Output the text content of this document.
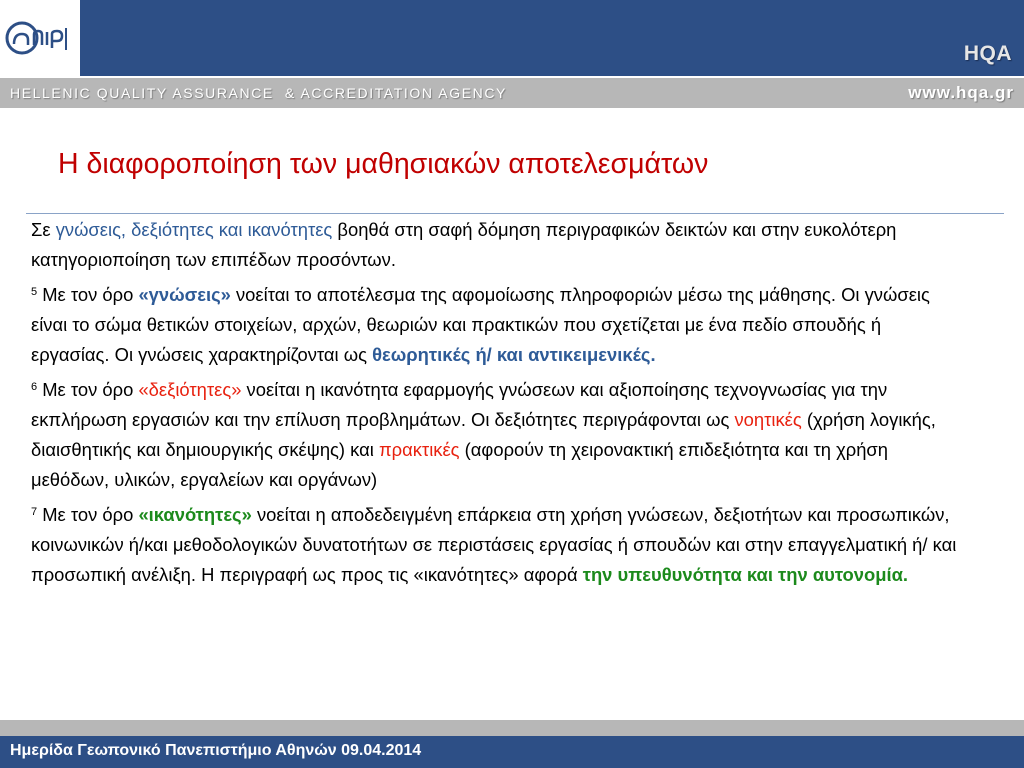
HQA
HELLENIC QUALITY ASSURANCE  & ACCREDITATION AGENCY	www.hqa.gr
Η διαφοροποίηση των μαθησιακών αποτελεσμάτων

Σε γνώσεις, δεξιότητες και ικανότητες βοηθά στη σαφή δόμηση περιγραφικών δεικτών και στην ευκολότερη κατηγοριοποίηση των επιπέδων προσόντων.

$^5$ Με τον όρο «γνώσεις» νοείται το αποτέλεσμα της αφομοίωσης πληροφοριών μέσω της μάθησης. Οι γνώσεις είναι το σώμα θετικών στοιχείων, αρχών, θεωριών και πρακτικών που σχετίζεται με ένα πεδίο σπουδής ή εργασίας. Οι γνώσεις χαρακτηρίζονται ως θεωρητικές ή/ και αντικειμενικές.

$^6$ Με τον όρο «δεξιότητες» νοείται η ικανότητα εφαρμογής γνώσεων και αξιοποίησης τεχνογνωσίας για την εκπλήρωση εργασιών και την επίλυση προβλημάτων. Οι δεξιότητες περιγράφονται ως νοητικές (χρήση λογικής, διαισθητικής και δημιουργικής σκέψης) και πρακτικές (αφορούν τη χειρονακτική επιδεξιότητα και τη χρήση μεθόδων, υλικών, εργαλείων και οργάνων)

$^7$ Με τον όρο «ικανότητες» νοείται η αποδεδειγμένη επάρκεια στη χρήση γνώσεων, δεξιοτήτων και προσωπικών, κοινωνικών ή/και μεθοδολογικών δυνατοτήτων σε περιστάσεις εργασίας ή σπουδών και στην επαγγελματική ή/ και προσωπική ανέλιξη. Η περιγραφή ως προς τις «ικανότητες» αφορά την υπευθυνότητα και την αυτονομία.

Ημερίδα Γεωπονικό Πανεπιστήμιο Αθηνών 09.04.2014
